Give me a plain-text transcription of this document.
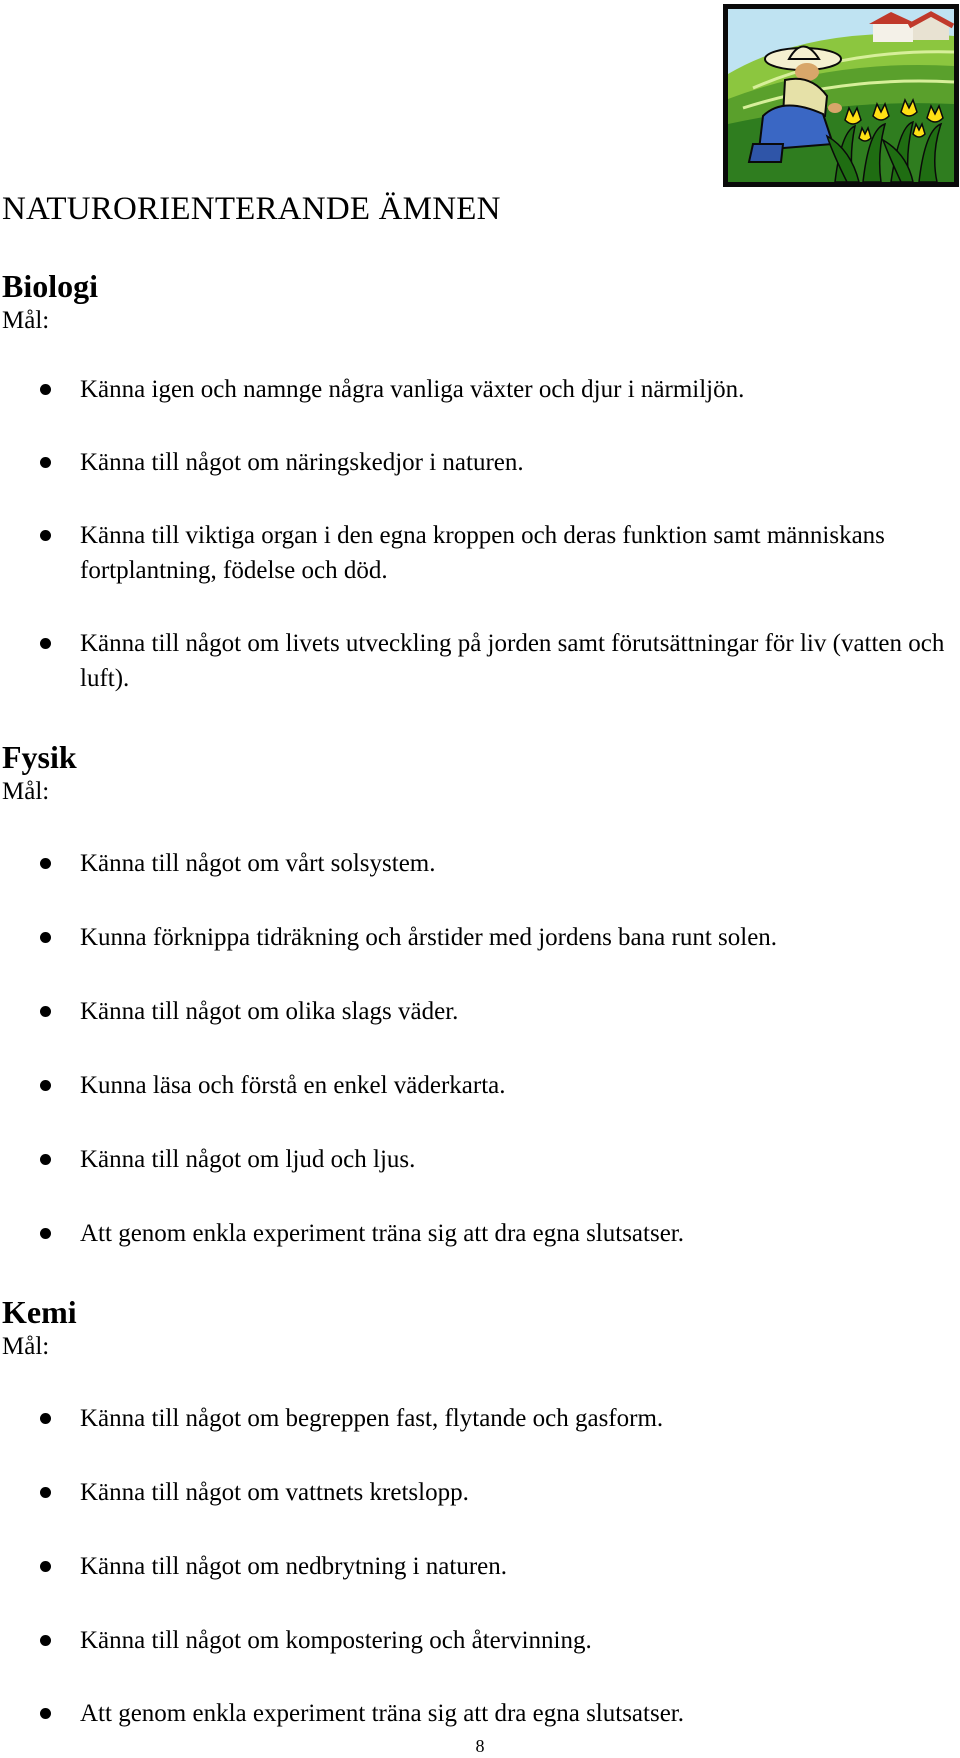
NATURORIENTERANDE ÄMNEN
Biologi

Mål:

Känna igen och namnge några vanliga växter och djur i närmiljön.
Känna till något om näringskedjor i naturen.
Känna till viktiga organ i den egna kroppen och deras funktion samt människans fortplantning, födelse och död.
Känna till något om livets utveckling på jorden samt förutsättningar för liv (vatten och luft).
Fysik

Mål:

Känna till något om vårt solsystem.
Kunna förknippa tidräkning och årstider med jordens bana runt solen.
Känna till något om olika slags väder.
Kunna läsa och förstå en enkel väderkarta.
Känna till något om ljud och ljus.
Att genom enkla experiment träna sig att dra egna slutsatser.
Kemi

Mål:

Känna till något om begreppen fast, flytande och gasform.
Känna till något om vattnets kretslopp.
Känna till något om nedbrytning i naturen.
Känna till något om kompostering och återvinning.
Att genom enkla experiment träna sig att dra egna slutsatser.
8
